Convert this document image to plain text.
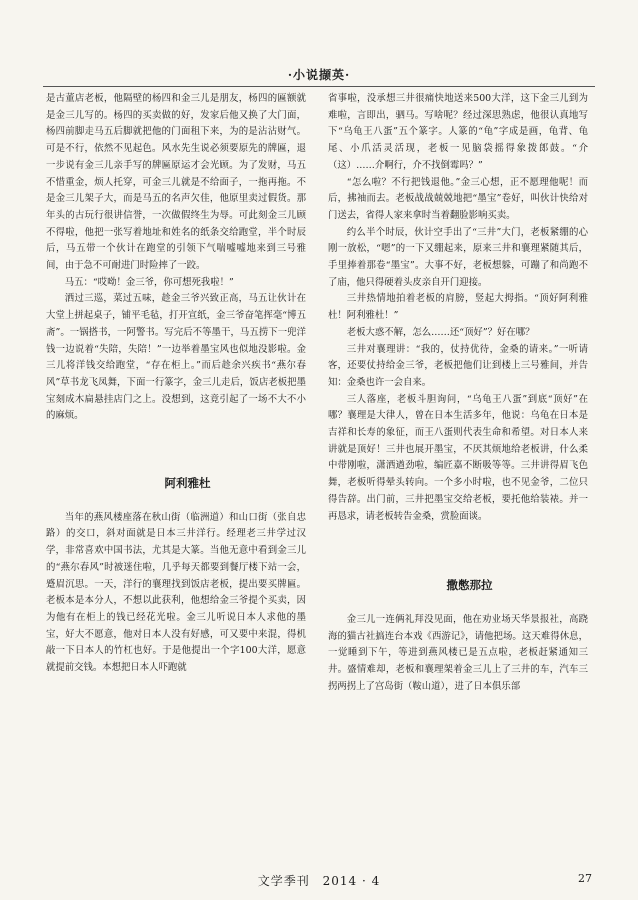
·小说撷英·

是古董店老板，他隔壁的杨四和金三儿是朋友，杨四的匾额就是金三儿写的。杨四的买卖做的好，发家后他又换了大门面，杨四前脚走马五后脚就把他的门面租下来，为的是沾沾财气。可是不行，依然不见起色。风水先生说必须要原先的牌匾，退一步说有金三儿亲手写的牌匾原运才会光顾。为了发财，马五不惜重金，烦人托穿，可金三儿就是不给面子，一拖再拖。不是金三儿架子大，而是马五的名声欠佳，他原里卖过假货。那年头的古玩行很讲信誉，一次做假终生为辱。可此刻金三儿顾不得啦，他把一张写着地址和姓名的纸条交给跑堂，半个时辰后，马五带一个伙计在跑堂的引领下气喘嘘嘘地来到三号雅间，由于急不可耐进门时险摔了一跤。

马五：“哎呦！金三爷，你可想死我啦！”

洒过三巡，菜过五味，趁金三爷兴致正高，马五让伙计在大堂上拼起桌子，铺平毛毡，打开宣纸，金三爷奋笔挥毫“博五斋”。一锅搭书，一阿警书。写完后不等墨干，马五捞下一兜洋钱一边说着“失陪，失陪！”一边举着墨宝风也似地没影啦。金三儿将洋钱交给跑堂，“存在柜上。”而后趁余兴疾书“燕尔春风”草书龙飞凤舞，下面一行篆字，金三儿走后，饭店老板把墨宝刻成木扁悬挂店门之上。没想到，这竟引起了一场不大不小的麻烦。

阿利雅杜

当年的燕风楼座落在秋山街（临洲道）和山口街（张自忠路）的交口，斜对面就是日本三井洋行。经理老三井学过汉学，非常喜欢中国书法，尤其是大篆。当他无意中看到金三儿的“燕尔春风”时被迷住啦，几乎每天都要到餐厅楼下站一会，蹙眉沉思。一天，洋行的襄理找到饭店老板，提出要买牌匾。老板本是本分人，不想以此获利，他想给金三爷提个买卖，因为他有在柜上的钱已经花光啦。金三儿听说日本人求他的墨宝，好大不愿意，他对日本人没有好感，可又要中来混，得机敲一下日本人的竹杠也好。于是他提出一个字100大洋，愿意就提前交钱。本想把日本人吓跑就

省事啦，没承想三井很痛快地送来500大洋，这下金三儿到为难啦，言即出，驷马。写啥呢？经过深思熟虑，他很认真地写下“乌龟王八蛋”五个篆字。人篆的“龟”字成是画，龟背、龟尾、小爪活灵活现，老板一见脑袋摇得象拨郎鼓。“介（这）……介啊行，介不找倒霉吗？”

“怎么啦？不行把钱退他。”金三心想，正不愿理他呢！而后，拂袖而去。老板战战兢兢地把“墨宝”卷好，叫伙计快给对门送去，省得人家来拿时当着翻脸影响买卖。

约么半个时辰，伙计空手出了“三井”大门，老板紧绷的心刚一放松，“嗯”的一下又绷起来，原来三井和襄理紧随其后，手里捧着那卷“墨宝”。大事不好，老板想躲，可蹦了和尚跑不了庙，他只得硬着头皮亲自开门迎接。

三井热情地拍着老板的肩膀，竖起大拇指。“顶好阿利雅杜！阿利雅杜！”

老板大惑不解，怎么……还“顶好”？好在哪？

三井对襄理讲：“我的，仗持优待，金桑的请来。”一听请客，还要仗持给金三爷，老板把他们让到楼上三号雅间，并告知：金桑也许一会自来。

三人落座，老板斗胆询问，“乌龟王八蛋”到底“顶好”在哪？襄理是大律人，曾在日本生活多年，他说：乌龟在日本是吉祥和长寿的象征，而王八蛋则代表生命和希望。对日本人来讲就是顶好！三井也展开墨宝，不厌其烦地给老板讲，什么柔中带刚啦，潇洒遒劲啦，编匠嘉不断吸等等。三井讲得眉飞色舞，老板听得晕头转向。一个多小时啦，也不见金爷，二位只得告辞。出门前，三井把墨宝交给老板，要托他给装裱。并一再恳求，请老板转告金桑，赏脸面谈。

撒憋那拉

金三儿一连俩礼拜没见面，他在劝业场天华景报社，高跷海的猫古社搞连台本戏《西游记》，请他把场。这天难得休息，一觉睡到下午，等进到燕风楼已是五点啦，老板赶紧通知三井。盛情难却，老板和襄理架着金三儿上了三井的车，汽车三拐两拐上了宫岛街（鞍山道），进了日本俱乐部

文学季刊 2014 · 4	27
